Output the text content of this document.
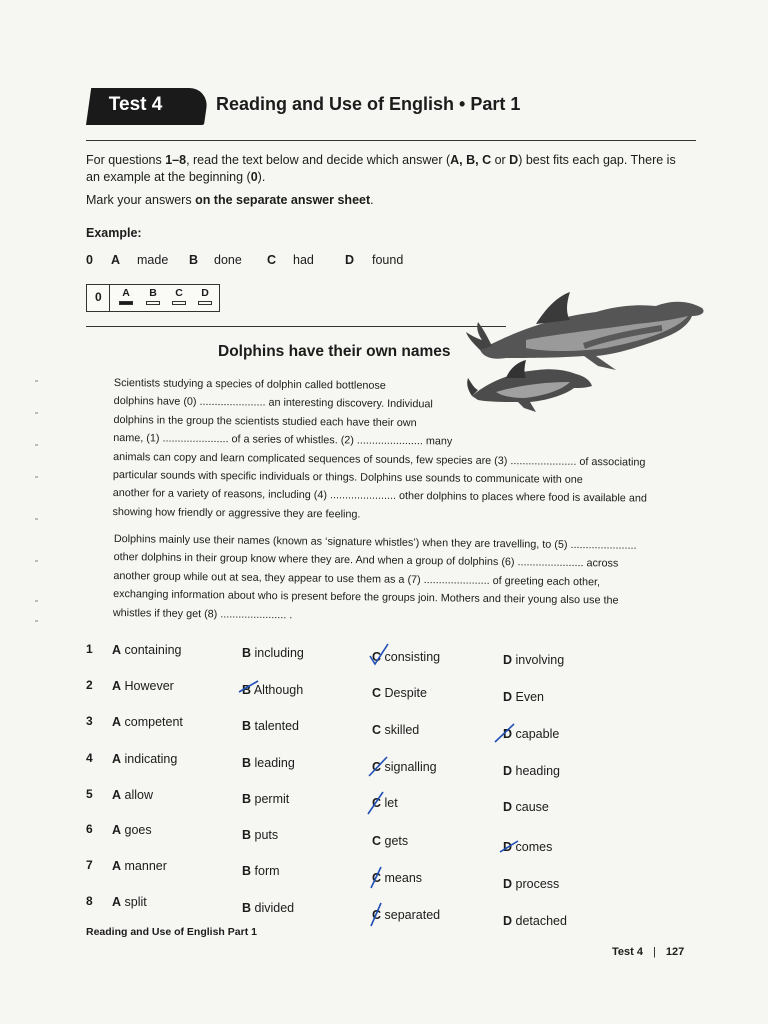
Test 4	Reading and Use of English • Part 1
For questions 1–8, read the text below and decide which answer (A, B, C or D) best fits each gap. There is
an example at the beginning (0).
Mark your answers on the separate answer sheet.
Example:
0 A made B done C had D found
0	A	B	C	D
Dolphins have their own names
Scientists studying a species of dolphin called bottlenose
dolphins have (0) ...................... an interesting discovery. Individual
dolphins in the group the scientists studied each have their own
name, (1) ...................... of a series of whistles. (2) ...................... many
animals can copy and learn complicated sequences of sounds, few species are (3) ...................... of associating
particular sounds with specific individuals or things. Dolphins use sounds to communicate with one
another for a variety of reasons, including (4) ...................... other dolphins to places where food is available and
showing how friendly or aggressive they are feeling.
Dolphins mainly use their names (known as ‘signature whistles’) when they are travelling, to (5) ......................
other dolphins in their group know where they are. And when a group of dolphins (6) ...................... across
another group while out at sea, they appear to use them as a (7) ...................... of greeting each other,
exchanging information about who is present before the groups join. Mothers and their young also use the
whistles if they get (8) ...................... .
1 A containing	B including	C consisting	D involving
2 A However	B Although	C Despite	D Even
3 A competent	B talented	C skilled	D capable
4 A indicating	B leading	C signalling	D heading
5 A allow	B permit	C let	D cause
6 A goes	B puts	C gets	D comes
7 A manner	B form	C means	D process
8 A split	B divided	C separated	D detached
Reading and Use of English Part 1
Test 4 | 127
